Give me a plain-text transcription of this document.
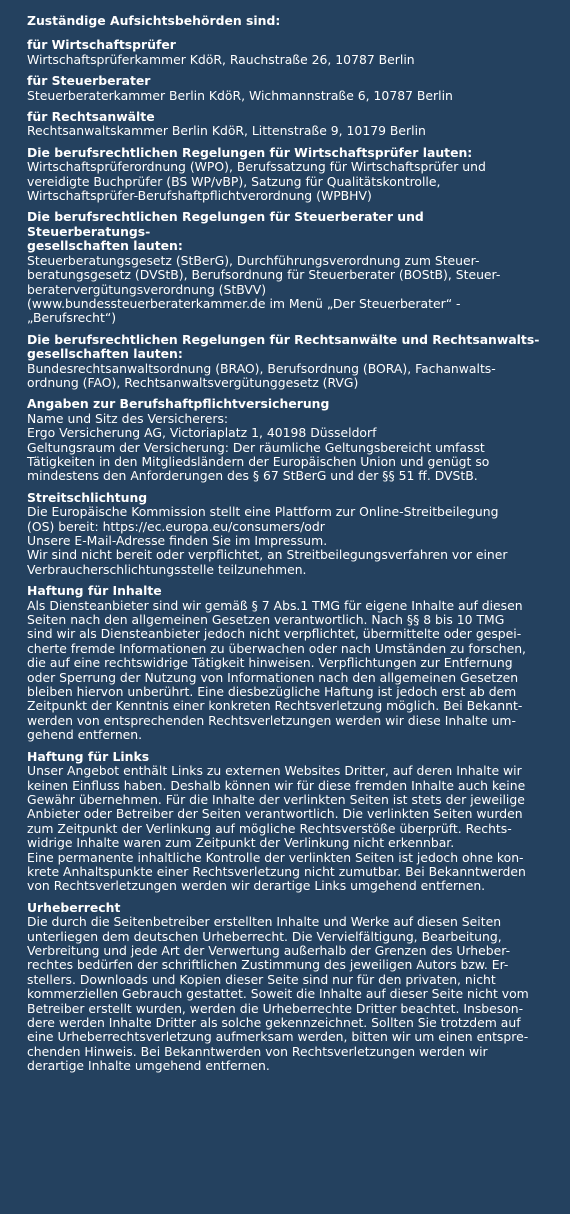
Zuständige Aufsichtsbehörden sind:
für Wirtschaftsprüfer
Wirtschaftsprüferkammer KdöR, Rauchstraße 26, 10787 Berlin
für Steuerberater
Steuerberaterkammer Berlin KdöR, Wichmannstraße 6, 10787 Berlin
für Rechtsanwälte
Rechtsanwaltskammer Berlin KdöR, Littenstraße 9, 10179 Berlin
Die berufsrechtlichen Regelungen für Wirtschaftsprüfer lauten:
Wirtschaftsprüferordnung (WPO), Berufssatzung für Wirtschaftsprüfer und
vereidigte Buchprüfer (BS WP/vBP), Satzung für Qualitätskontrolle,
Wirtschaftsprüfer-Berufshaftpflichtverordnung (WPBHV)
Die berufsrechtlichen Regelungen für Steuerberater und Steuerberatungs-
gesellschaften lauten:
Steuerberatungsgesetz (StBerG), Durchführungsverordnung zum Steuer-
beratungsgesetz (DVStB), Berufsordnung für Steuerberater (BOStB), Steuer-
beratervergütungsverordnung (StBVV)
(www.bundessteuerberaterkammer.de im Menü „Der Steuerberater“ -
„Berufsrecht“)
Die berufsrechtlichen Regelungen für Rechtsanwälte und Rechtsanwalts-
gesellschaften lauten:
Bundesrechtsanwaltsordnung (BRAO), Berufsordnung (BORA), Fachanwalts-
ordnung (FAO), Rechtsanwaltsvergütunggesetz (RVG)
Angaben zur Berufshaftpflichtversicherung
Name und Sitz des Versicherers:
Ergo Versicherung AG, Victoriaplatz 1, 40198 Düsseldorf
Geltungsraum der Versicherung: Der räumliche Geltungsbereicht umfasst
Tätigkeiten in den Mitgliedsländern der Europäischen Union und genügt so
mindestens den Anforderungen des § 67 StBerG und der §§ 51 ff. DVStB.
Streitschlichtung
Die Europäische Kommission stellt eine Plattform zur Online-Streitbeilegung
(OS) bereit: https://ec.europa.eu/consumers/odr
Unsere E-Mail-Adresse finden Sie im Impressum.
Wir sind nicht bereit oder verpflichtet, an Streitbeilegungsverfahren vor einer
Verbraucherschlichtungsstelle teilzunehmen.
Haftung für Inhalte
Als Diensteanbieter sind wir gemäß § 7 Abs.1 TMG für eigene Inhalte auf diesen
Seiten nach den allgemeinen Gesetzen verantwortlich. Nach §§ 8 bis 10 TMG
sind wir als Diensteanbieter jedoch nicht verpflichtet, übermittelte oder gespei-
cherte fremde Informationen zu überwachen oder nach Umständen zu forschen,
die auf eine rechtswidrige Tätigkeit hinweisen. Verpflichtungen zur Entfernung
oder Sperrung der Nutzung von Informationen nach den allgemeinen Gesetzen
bleiben hiervon unberührt. Eine diesbezügliche Haftung ist jedoch erst ab dem
Zeitpunkt der Kenntnis einer konkreten Rechtsverletzung möglich. Bei Bekannt-
werden von entsprechenden Rechtsverletzungen werden wir diese Inhalte um-
gehend entfernen.
Haftung für Links
Unser Angebot enthält Links zu externen Websites Dritter, auf deren Inhalte wir
keinen Einfluss haben. Deshalb können wir für diese fremden Inhalte auch keine
Gewähr übernehmen. Für die Inhalte der verlinkten Seiten ist stets der jeweilige
Anbieter oder Betreiber der Seiten verantwortlich. Die verlinkten Seiten wurden
zum Zeitpunkt der Verlinkung auf mögliche Rechtsverstöße überprüft. Rechts-
widrige Inhalte waren zum Zeitpunkt der Verlinkung nicht erkennbar.
Eine permanente inhaltliche Kontrolle der verlinkten Seiten ist jedoch ohne kon-
krete Anhaltspunkte einer Rechtsverletzung nicht zumutbar. Bei Bekanntwerden
von Rechtsverletzungen werden wir derartige Links umgehend entfernen.
Urheberrecht
Die durch die Seitenbetreiber erstellten Inhalte und Werke auf diesen Seiten
unterliegen dem deutschen Urheberrecht. Die Vervielfältigung, Bearbeitung,
Verbreitung und jede Art der Verwertung außerhalb der Grenzen des Urheber-
rechtes bedürfen der schriftlichen Zustimmung des jeweiligen Autors bzw. Er-
stellers. Downloads und Kopien dieser Seite sind nur für den privaten, nicht
kommerziellen Gebrauch gestattet. Soweit die Inhalte auf dieser Seite nicht vom
Betreiber erstellt wurden, werden die Urheberrechte Dritter beachtet. Insbeson-
dere werden Inhalte Dritter als solche gekennzeichnet. Sollten Sie trotzdem auf
eine Urheberrechtsverletzung aufmerksam werden, bitten wir um einen entspre-
chenden Hinweis. Bei Bekanntwerden von Rechtsverletzungen werden wir
derartige Inhalte umgehend entfernen.
